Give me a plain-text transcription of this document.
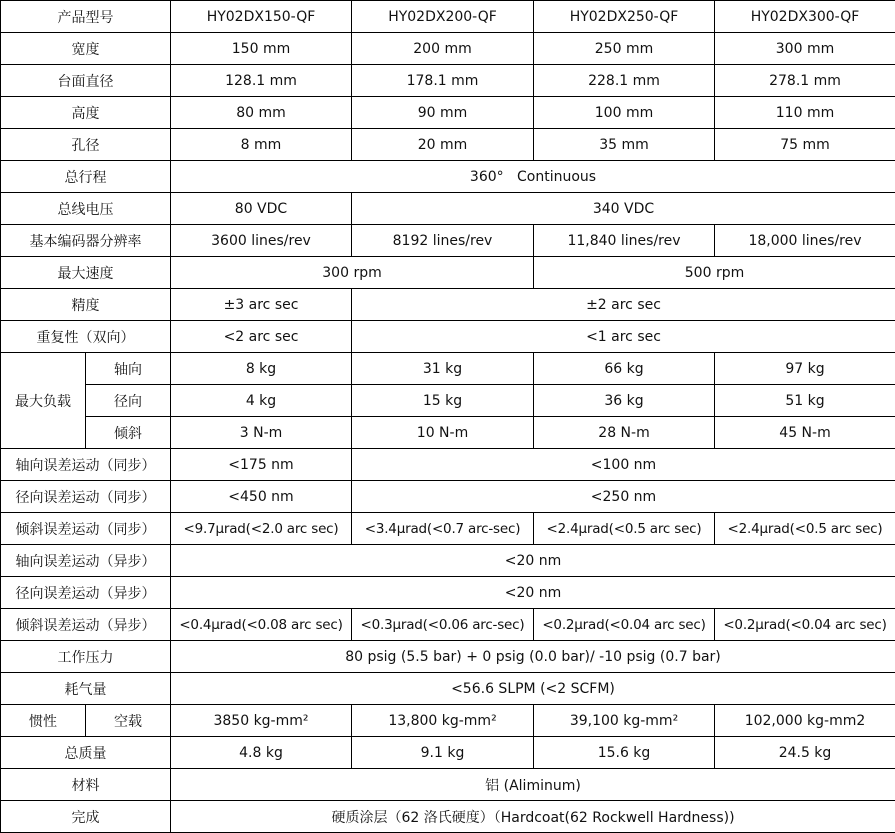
产品型号		HY02DX150-QF	HY02DX200-QF	HY02DX250-QF	HY02DX300-QF
宽度		150 mm	200 mm	250 mm	300 mm
台面直径		128.1 mm	178.1 mm	228.1 mm	278.1 mm
高度		80 mm	90 mm	100 mm	110 mm
孔径		8 mm	20 mm	35 mm	75 mm
总行程		360°   Continuous			
总线电压		80 VDC	340 VDC		
基本编码器分辨率		3600 lines/rev	8192 lines/rev	11,840 lines/rev	18,000 lines/rev
最大速度		300 rpm		500 rpm	
精度		±3 arc sec	±2 arc sec		
重复性（双向）		<2 arc sec	<1 arc sec		
最大负载	轴向	8 kg	31 kg	66 kg	97 kg
	径向	4 kg	15 kg	36 kg	51 kg
	倾斜	3 N-m	10 N-m	28 N-m	45 N-m
轴向误差运动（同步）		<175 nm	<100 nm		
径向误差运动（同步）		<450 nm	<250 nm		
倾斜误差运动（同步）		<9.7μrad(<2.0 arc sec)	<3.4μrad(<0.7 arc-sec)	<2.4μrad(<0.5 arc sec)	<2.4μrad(<0.5 arc sec)
轴向误差运动（异步）		<20 nm			
径向误差运动（异步）		<20 nm			
倾斜误差运动（异步）		<0.4μrad(<0.08 arc sec)	<0.3μrad(<0.06 arc-sec)	<0.2μrad(<0.04 arc sec)	<0.2μrad(<0.04 arc sec)
工作压力		80 psig (5.5 bar) + 0 psig (0.0 bar)/ -10 psig (0.7 bar)			
耗气量		<56.6 SLPM (<2 SCFM)			
惯性	空载	3850 kg-mm²	13,800 kg-mm²	39,100 kg-mm²	102,000 kg-mm2
总质量		4.8 kg	9.1 kg	15.6 kg	24.5 kg
材料		铝 (Aliminum)			
完成		硬质涂层（62 洛氏硬度）（Hardcoat(62 Rockwell Hardness))			
